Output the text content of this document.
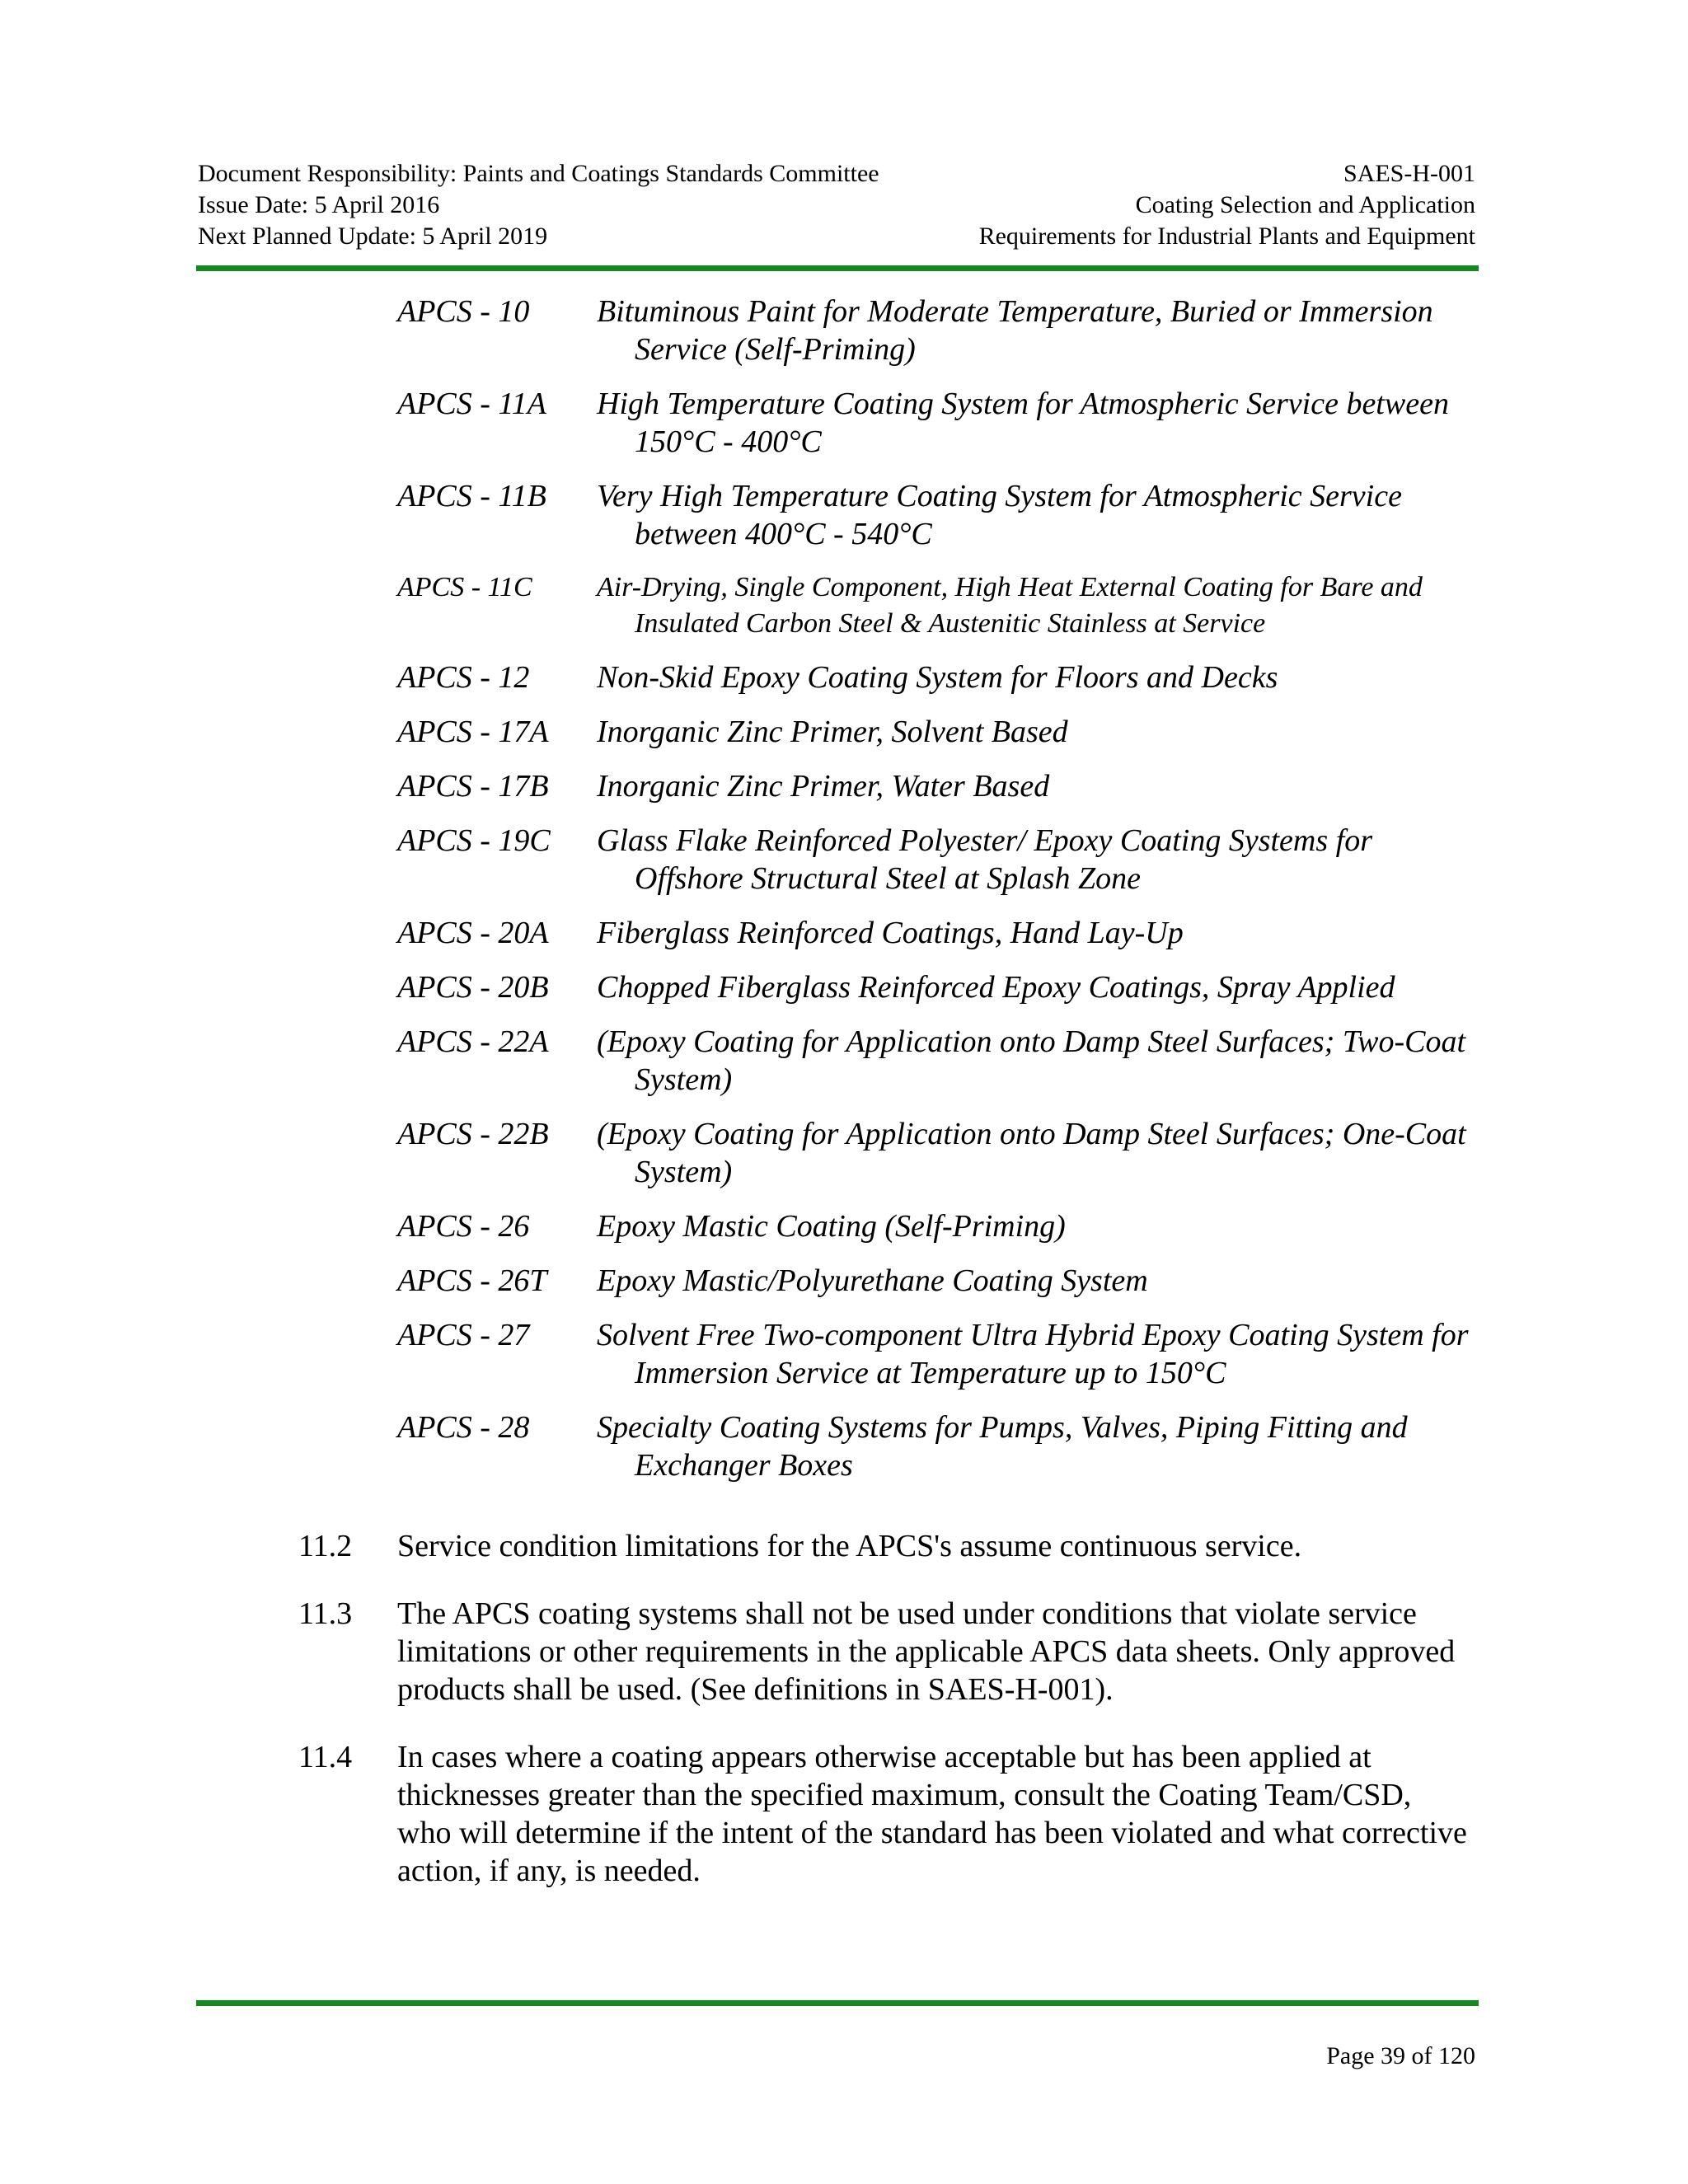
Document Responsibility: Paints and Coatings Standards Committee	SAES-H-001
Issue Date: 5 April 2016	Coating Selection and Application
Next Planned Update: 5 April 2019	Requirements for Industrial Plants and Equipment
APCS - 10	Bituminous Paint for Moderate Temperature, Buried or Immersion Service (Self-Priming)
APCS - 11A	High Temperature Coating System for Atmospheric Service between 150°C - 400°C
APCS - 11B	Very High Temperature Coating System for Atmospheric Service between 400°C - 540°C
APCS - 11C	Air-Drying, Single Component, High Heat External Coating for Bare and Insulated Carbon Steel & Austenitic Stainless at Service
APCS - 12	Non-Skid Epoxy Coating System for Floors and Decks
APCS - 17A	Inorganic Zinc Primer, Solvent Based
APCS - 17B	Inorganic Zinc Primer, Water Based
APCS - 19C	Glass Flake Reinforced Polyester/ Epoxy Coating Systems for Offshore Structural Steel at Splash Zone
APCS - 20A	Fiberglass Reinforced Coatings, Hand Lay-Up
APCS - 20B	Chopped Fiberglass Reinforced Epoxy Coatings, Spray Applied
APCS - 22A	(Epoxy Coating for Application onto Damp Steel Surfaces; Two-Coat System)
APCS - 22B	(Epoxy Coating for Application onto Damp Steel Surfaces; One-Coat System)
APCS - 26	Epoxy Mastic Coating (Self-Priming)
APCS - 26T	Epoxy Mastic/Polyurethane Coating System
APCS - 27	Solvent Free Two-component Ultra Hybrid Epoxy Coating System for Immersion Service at Temperature up to 150°C
APCS - 28	Specialty Coating Systems for Pumps, Valves, Piping Fitting and Exchanger Boxes
11.2	Service condition limitations for the APCS's assume continuous service.
11.3	The APCS coating systems shall not be used under conditions that violate service limitations or other requirements in the applicable APCS data sheets. Only approved products shall be used. (See definitions in SAES-H-001).
11.4	In cases where a coating appears otherwise acceptable but has been applied at thicknesses greater than the specified maximum, consult the Coating Team/CSD, who will determine if the intent of the standard has been violated and what corrective action, if any, is needed.
Page 39 of 120
